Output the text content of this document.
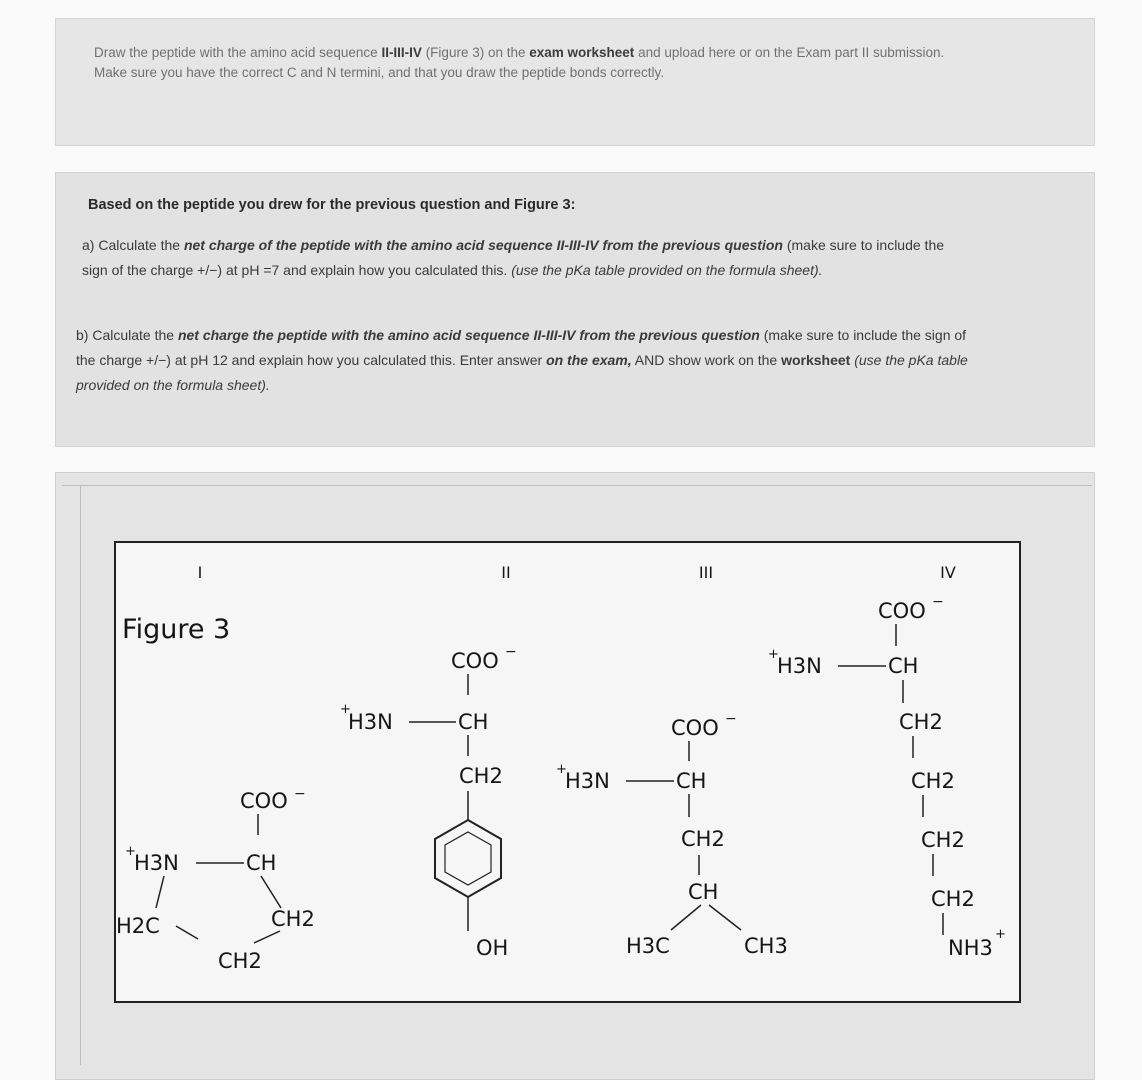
Draw the peptide with the amino acid sequence II-III-IV (Figure 3) on the exam worksheet and upload here or on the Exam part II submission. Make sure you have the correct C and N termini, and that you draw the peptide bonds correctly.
Based on the peptide you drew for the previous question and Figure 3:
a) Calculate the net charge of the peptide with the amino acid sequence II-III-IV from the previous question (make sure to include the sign of the charge +/−) at pH =7 and explain how you calculated this. (use the pKa table provided on the formula sheet).
b) Calculate the net charge the peptide with the amino acid sequence II-III-IV from the previous question (make sure to include the sign of the charge +/−) at pH 12 and explain how you calculated this. Enter answer on the exam, AND show work on the worksheet (use the pKa table provided on the formula sheet).
I	II	III	IV
Figure 3
COO −
+
H3N	CH
H2C	CH2
CH2
COO −
+
H3N	CH
CH2
OH
COO −
+
H3N	CH
CH2
CH
H3C	CH3
COO −
+
H3N	CH
CH2
CH2
CH2
CH2
NH3
+
